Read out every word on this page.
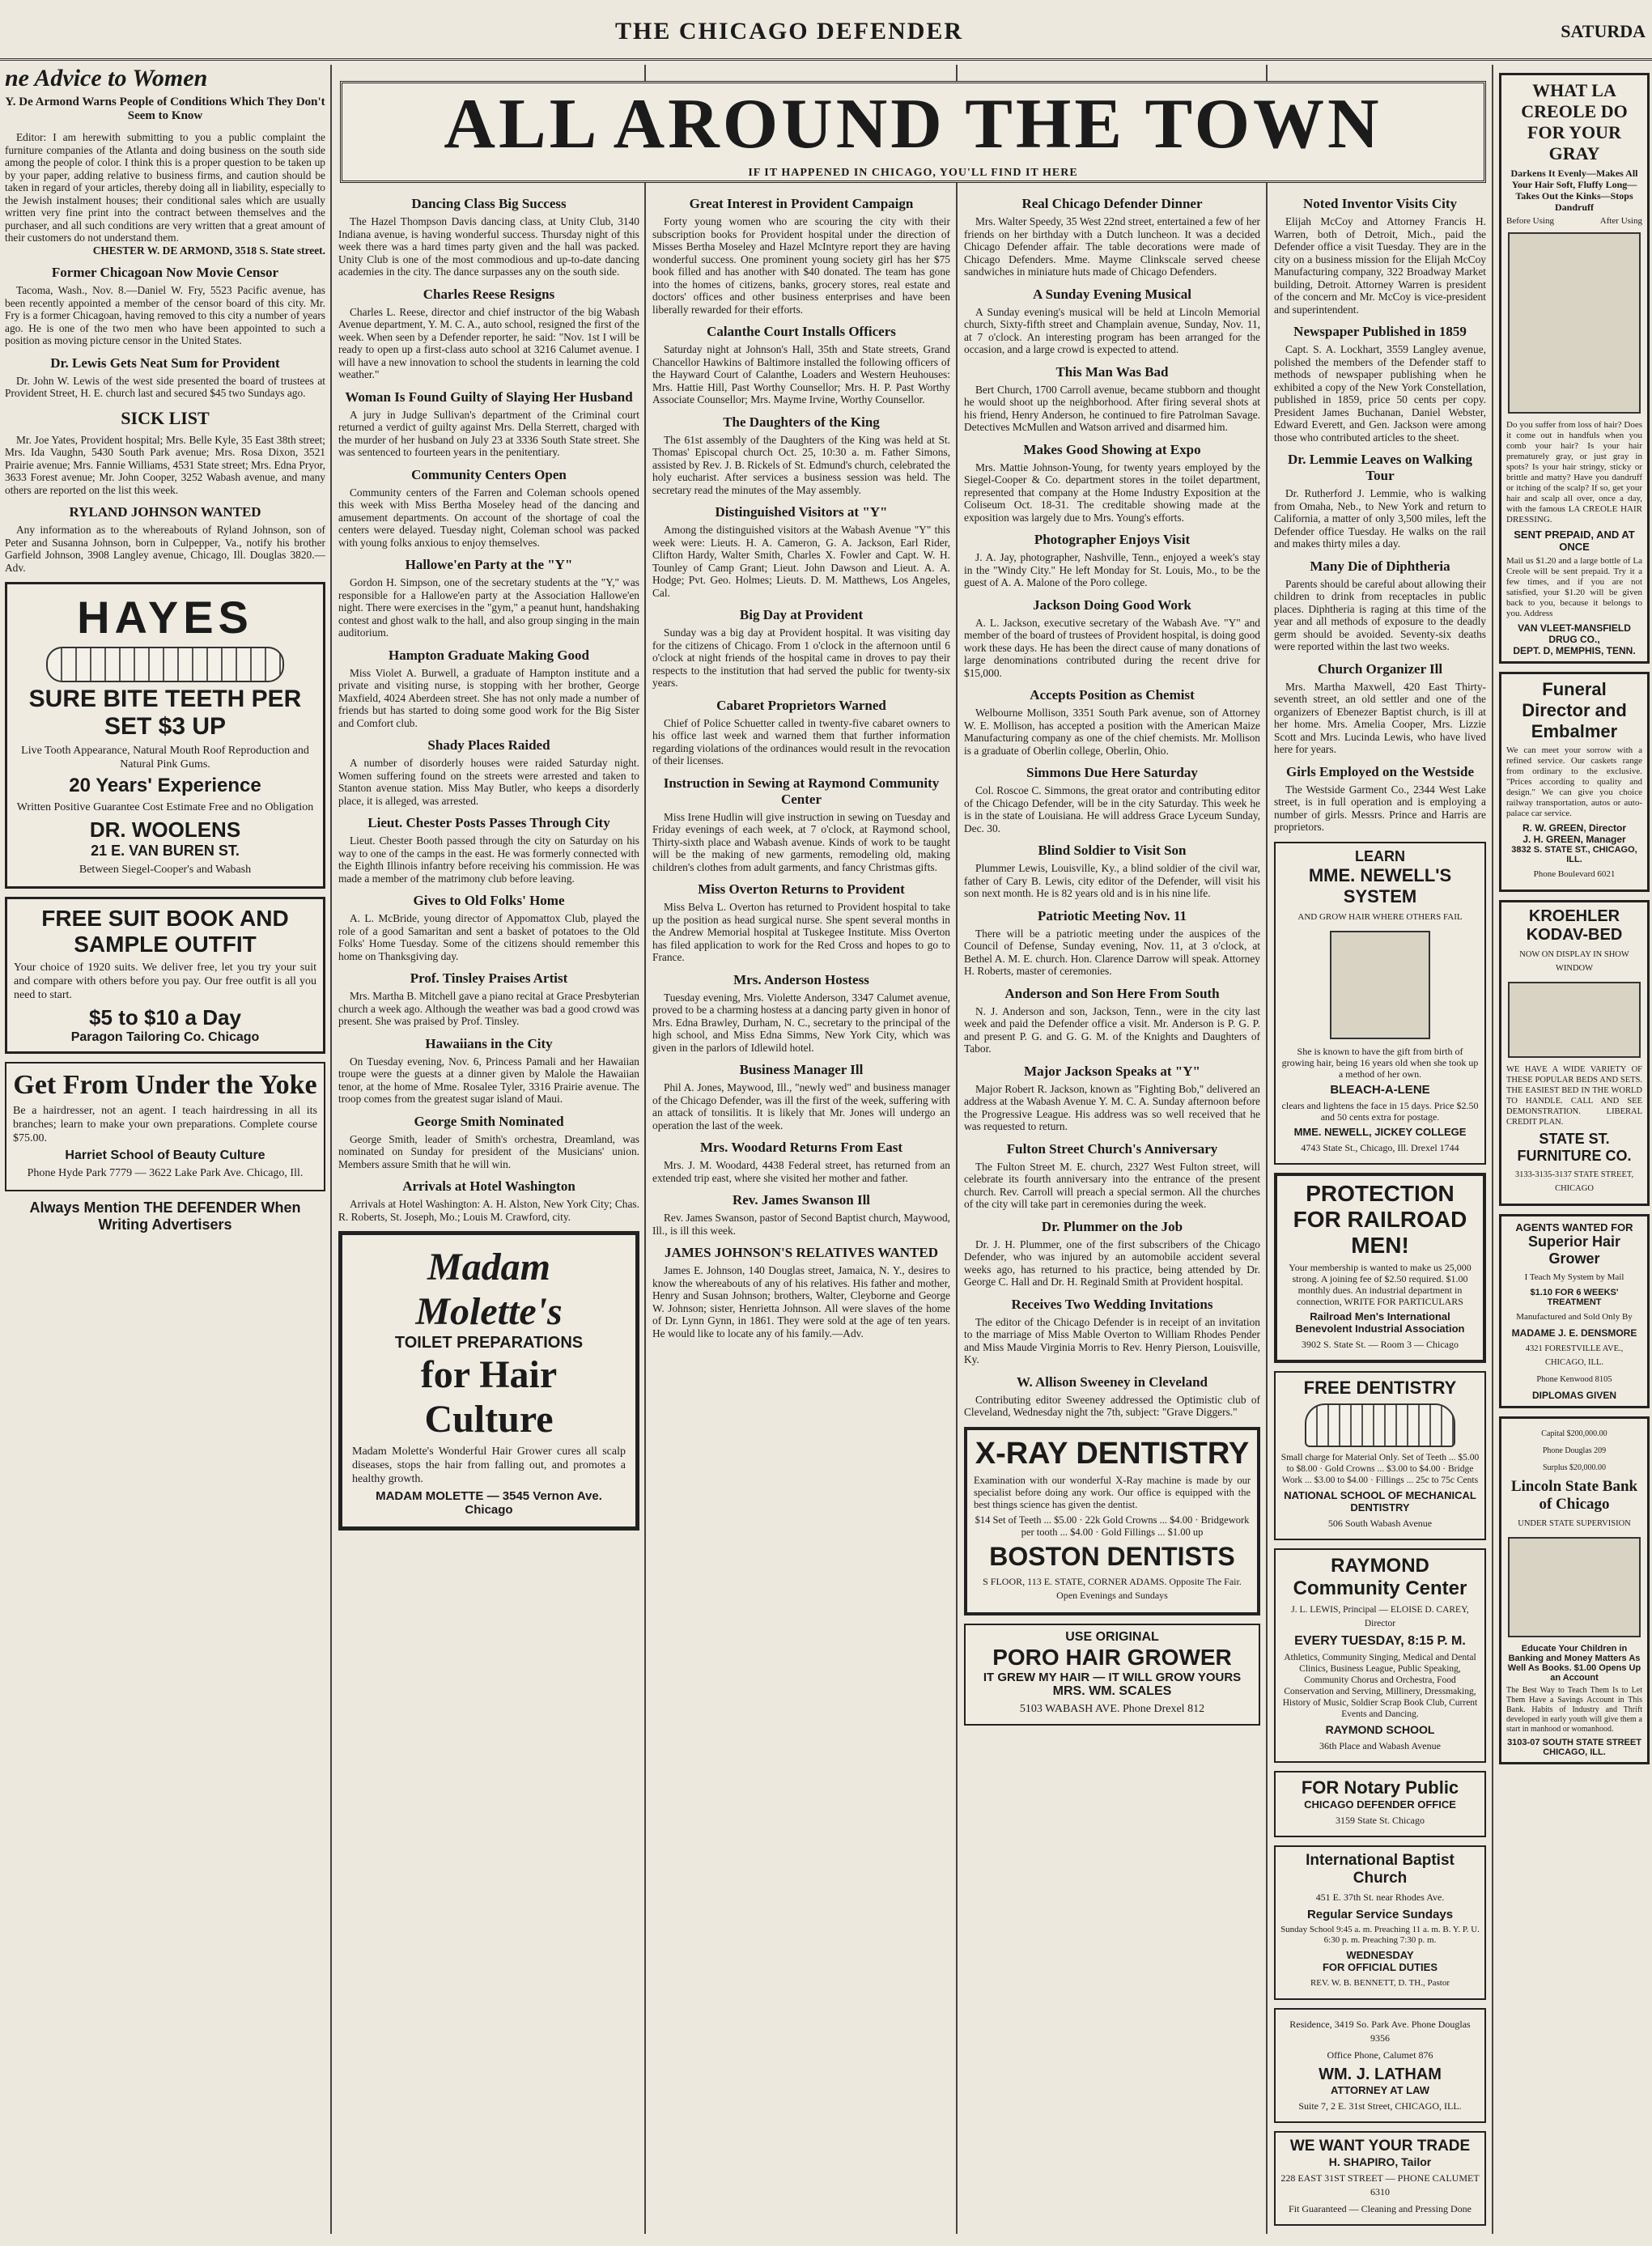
THE CHICAGO DEFENDER	SATURDA
ALL AROUND THE TOWN
IF IT HAPPENED IN CHICAGO, YOU'LL FIND IT HERE

ne Advice to Women

Y. De Armond Warns People of Conditions Which They Don't Seem to Know

Editor: I am herewith submitting to you a public complaint the furniture companies of the Atlanta and doing business on the south side among the people of color. I think this is a proper question to be taken up by your paper, adding relative to business firms, and caution should be taken in regard of your articles, thereby doing all in liability, especially to the Jewish instalment houses; their conditional sales which are usually written very fine print into the contract between themselves and the purchaser, and all such conditions are very written that a great amount of their customers do not understand them.

CHESTER W. DE ARMOND, 3518 S. State street.

Former Chicagoan Now Movie Censor

Tacoma, Wash., Nov. 8.—Daniel W. Fry, 5523 Pacific avenue, has been recently appointed a member of the censor board of this city. Mr. Fry is a former Chicagoan, having removed to this city a number of years ago. He is one of the two men who have been appointed to such a position as moving picture censor in the United States.

Dr. Lewis Gets Neat Sum for Provident

Dr. John W. Lewis of the west side presented the board of trustees at Provident Street, H. E. church last and secured $45 two Sundays ago.

SICK LIST

Mr. Joe Yates, Provident hospital; Mrs. Belle Kyle, 35 East 38th street; Mrs. Ida Vaughn, 5430 South Park avenue; Mrs. Rosa Dixon, 3521 Prairie avenue; Mrs. Fannie Williams, 4531 State street; Mrs. Edna Pryor, 3633 Forest avenue; Mr. John Cooper, 3252 Wabash avenue, and many others are reported on the list this week.

RYLAND JOHNSON WANTED

Any information as to the whereabouts of Ryland Johnson, son of Peter and Susanna Johnson, born in Culpepper, Va., notify his brother Garfield Johnson, 3908 Langley avenue, Chicago, Ill. Douglas 3820.—Adv.

HAYES
SURE BITE TEETH PER SET $3 UP
Live Tooth Appearance, Natural Mouth Roof Reproduction and Natural Pink Gums.
20 Years' Experience
Written Positive Guarantee Cost Estimate Free and no Obligation
DR. WOOLENS
21 E. VAN BUREN ST.
Between Siegel-Cooper's and Wabash
FREE SUIT BOOK AND SAMPLE OUTFIT
Your choice of 1920 suits. We deliver free, let you try your suit and compare with others before you pay. Our free outfit is all you need to start.
$5 to $10 a Day
Paragon Tailoring Co. Chicago
Get From Under the Yoke
Be a hairdresser, not an agent. I teach hairdressing in all its branches; learn to make your own preparations. Complete course $75.00.
Harriet School of Beauty Culture
Phone Hyde Park 7779 — 3622 Lake Park Ave. Chicago, Ill.
Always Mention THE DEFENDER When Writing Advertisers
Dancing Class Big Success

The Hazel Thompson Davis dancing class, at Unity Club, 3140 Indiana avenue, is having wonderful success. Thursday night of this week there was a hard times party given and the hall was packed. Unity Club is one of the most commodious and up-to-date dancing academies in the city. The dance surpasses any on the south side.

Charles Reese Resigns

Charles L. Reese, director and chief instructor of the big Wabash Avenue department, Y. M. C. A., auto school, resigned the first of the week. When seen by a Defender reporter, he said: "Nov. 1st I will be ready to open up a first-class auto school at 3216 Calumet avenue. I will have a new innovation to school the students in learning the cold weather."

Woman Is Found Guilty of Slaying Her Husband

A jury in Judge Sullivan's department of the Criminal court returned a verdict of guilty against Mrs. Della Sterrett, charged with the murder of her husband on July 23 at 3336 South State street. She was sentenced to fourteen years in the penitentiary.

Community Centers Open

Community centers of the Farren and Coleman schools opened this week with Miss Bertha Moseley head of the dancing and amusement departments. On account of the shortage of coal the centers were delayed. Tuesday night, Coleman school was packed with young folks anxious to enjoy themselves.

Hallowe'en Party at the "Y"

Gordon H. Simpson, one of the secretary students at the "Y," was responsible for a Hallowe'en party at the Association Hallowe'en night. There were exercises in the "gym," a peanut hunt, handshaking contest and ghost walk to the hall, and also group singing in the main auditorium.

Hampton Graduate Making Good

Miss Violet A. Burwell, a graduate of Hampton institute and a private and visiting nurse, is stopping with her brother, George Maxfield, 4024 Aberdeen street. She has not only made a number of friends but has started to doing some good work for the Big Sister and Comfort club.

Shady Places Raided

A number of disorderly houses were raided Saturday night. Women suffering found on the streets were arrested and taken to Stanton avenue station. Miss May Butler, who keeps a disorderly place, it is alleged, was arrested.

Lieut. Chester Posts Passes Through City

Lieut. Chester Booth passed through the city on Saturday on his way to one of the camps in the east. He was formerly connected with the Eighth Illinois infantry before receiving his commission. He was made a member of the matrimony club before leaving.

Gives to Old Folks' Home

A. L. McBride, young director of Appomattox Club, played the role of a good Samaritan and sent a basket of potatoes to the Old Folks' Home Tuesday. Some of the citizens should remember this home on Thanksgiving day.

Prof. Tinsley Praises Artist

Mrs. Martha B. Mitchell gave a piano recital at Grace Presbyterian church a week ago. Although the weather was bad a good crowd was present. She was praised by Prof. Tinsley.

Hawaiians in the City

On Tuesday evening, Nov. 6, Princess Pamali and her Hawaiian troupe were the guests at a dinner given by Malole the Hawaiian tenor, at the home of Mme. Rosalee Tyler, 3316 Prairie avenue. The troop comes from the greatest sugar island of Maui.

George Smith Nominated

George Smith, leader of Smith's orchestra, Dreamland, was nominated on Sunday for president of the Musicians' union. Members assure Smith that he will win.

Arrivals at Hotel Washington

Arrivals at Hotel Washington: A. H. Alston, New York City; Chas. R. Roberts, St. Joseph, Mo.; Louis M. Crawford, city.

Madam Molette's
TOILET PREPARATIONS
for Hair Culture
Madam Molette's Wonderful Hair Grower cures all scalp diseases, stops the hair from falling out, and promotes a healthy growth.
MADAM MOLETTE — 3545 Vernon Ave. Chicago
Great Interest in Provident Campaign

Forty young women who are scouring the city with their subscription books for Provident hospital under the direction of Misses Bertha Moseley and Hazel McIntyre report they are having wonderful success. One prominent young society girl has her $75 book filled and has another with $40 donated. The team has gone into the homes of citizens, banks, grocery stores, real estate and doctors' offices and other business enterprises and have been liberally rewarded for their efforts.

Calanthe Court Installs Officers

Saturday night at Johnson's Hall, 35th and State streets, Grand Chancellor Hawkins of Baltimore installed the following officers of the Hayward Court of Calanthe, Loaders and Western Heuhouses: Mrs. Hattie Hill, Past Worthy Counsellor; Mrs. H. P. Past Worthy Associate Counsellor; Mrs. Mayme Irvine, Worthy Counsellor.

The Daughters of the King

The 61st assembly of the Daughters of the King was held at St. Thomas' Episcopal church Oct. 25, 10:30 a. m. Father Simons, assisted by Rev. J. B. Rickels of St. Edmund's church, celebrated the holy eucharist. After services a business session was held. The secretary read the minutes of the May assembly.

Distinguished Visitors at "Y"

Among the distinguished visitors at the Wabash Avenue "Y" this week were: Lieuts. H. A. Cameron, G. A. Jackson, Earl Rider, Clifton Hardy, Walter Smith, Charles X. Fowler and Capt. W. H. Tounley of Camp Grant; Lieut. John Dawson and Lieut. A. A. Hodge; Pvt. Geo. Holmes; Lieuts. D. M. Matthews, Los Angeles, Cal.

Big Day at Provident

Sunday was a big day at Provident hospital. It was visiting day for the citizens of Chicago. From 1 o'clock in the afternoon until 6 o'clock at night friends of the hospital came in droves to pay their respects to the institution that had served the public for twenty-six years.

Cabaret Proprietors Warned

Chief of Police Schuetter called in twenty-five cabaret owners to his office last week and warned them that further information regarding violations of the ordinances would result in the revocation of their licenses.

Instruction in Sewing at Raymond Community Center

Miss Irene Hudlin will give instruction in sewing on Tuesday and Friday evenings of each week, at 7 o'clock, at Raymond school, Thirty-sixth place and Wabash avenue. Kinds of work to be taught will be the making of new garments, remodeling old, making children's clothes from adult garments, and fancy Christmas gifts.

Miss Overton Returns to Provident

Miss Belva L. Overton has returned to Provident hospital to take up the position as head surgical nurse. She spent several months in the Andrew Memorial hospital at Tuskegee Institute. Miss Overton has filed application to work for the Red Cross and hopes to go to France.

Mrs. Anderson Hostess

Tuesday evening, Mrs. Violette Anderson, 3347 Calumet avenue, proved to be a charming hostess at a dancing party given in honor of Mrs. Edna Brawley, Durham, N. C., secretary to the principal of the high school, and Miss Edna Simms, New York City, which was given in the parlors of Idlewild hotel.

Business Manager Ill

Phil A. Jones, Maywood, Ill., "newly wed" and business manager of the Chicago Defender, was ill the first of the week, suffering with an attack of tonsilitis. It is likely that Mr. Jones will undergo an operation the last of the week.

Mrs. Woodard Returns From East

Mrs. J. M. Woodard, 4438 Federal street, has returned from an extended trip east, where she visited her mother and father.

Rev. James Swanson Ill

Rev. James Swanson, pastor of Second Baptist church, Maywood, Ill., is ill this week.

JAMES JOHNSON'S RELATIVES WANTED

James E. Johnson, 140 Douglas street, Jamaica, N. Y., desires to know the whereabouts of any of his relatives. His father and mother, Henry and Susan Johnson; brothers, Walter, Cleyborne and George W. Johnson; sister, Henrietta Johnson. All were slaves of the home of Dr. Lynn Gynn, in 1861. They were sold at the age of ten years. He would like to locate any of his family.—Adv.

Real Chicago Defender Dinner

Mrs. Walter Speedy, 35 West 22nd street, entertained a few of her friends on her birthday with a Dutch luncheon. It was a decided Chicago Defender affair. The table decorations were made of Chicago Defenders. Mme. Mayme Clinkscale served cheese sandwiches in miniature huts made of Chicago Defenders.

A Sunday Evening Musical

A Sunday evening's musical will be held at Lincoln Memorial church, Sixty-fifth street and Champlain avenue, Sunday, Nov. 11, at 7 o'clock. An interesting program has been arranged for the occasion, and a large crowd is expected to attend.

This Man Was Bad

Bert Church, 1700 Carroll avenue, became stubborn and thought he would shoot up the neighborhood. After firing several shots at his friend, Henry Anderson, he continued to fire Patrolman Savage. Detectives McMullen and Watson arrived and disarmed him.

Makes Good Showing at Expo

Mrs. Mattie Johnson-Young, for twenty years employed by the Siegel-Cooper & Co. department stores in the toilet department, represented that company at the Home Industry Exposition at the Coliseum Oct. 18-31. The creditable showing made at the exposition was largely due to Mrs. Young's efforts.

Photographer Enjoys Visit

J. A. Jay, photographer, Nashville, Tenn., enjoyed a week's stay in the "Windy City." He left Monday for St. Louis, Mo., to be the guest of A. A. Malone of the Poro college.

Jackson Doing Good Work

A. L. Jackson, executive secretary of the Wabash Ave. "Y" and member of the board of trustees of Provident hospital, is doing good work these days. He has been the direct cause of many donations of large denominations contributed during the recent drive for $15,000.

Accepts Position as Chemist

Welbourne Mollison, 3351 South Park avenue, son of Attorney W. E. Mollison, has accepted a position with the American Maize Manufacturing company as one of the chief chemists. Mr. Mollison is a graduate of Oberlin college, Oberlin, Ohio.

Simmons Due Here Saturday

Col. Roscoe C. Simmons, the great orator and contributing editor of the Chicago Defender, will be in the city Saturday. This week he is in the state of Louisiana. He will address Grace Lyceum Sunday, Dec. 30.

Blind Soldier to Visit Son

Plummer Lewis, Louisville, Ky., a blind soldier of the civil war, father of Cary B. Lewis, city editor of the Defender, will visit his son next month. He is 82 years old and is in his nine life.

Patriotic Meeting Nov. 11

There will be a patriotic meeting under the auspices of the Council of Defense, Sunday evening, Nov. 11, at 3 o'clock, at Bethel A. M. E. church. Hon. Clarence Darrow will speak. Attorney H. Roberts, master of ceremonies.

Anderson and Son Here From South

N. J. Anderson and son, Jackson, Tenn., were in the city last week and paid the Defender office a visit. Mr. Anderson is P. G. P. and present P. G. and G. G. M. of the Knights and Daughters of Tabor.

Major Jackson Speaks at "Y"

Major Robert R. Jackson, known as "Fighting Bob," delivered an address at the Wabash Avenue Y. M. C. A. Sunday afternoon before the Progressive League. His address was so well received that he was requested to return.

Fulton Street Church's Anniversary

The Fulton Street M. E. church, 2327 West Fulton street, will celebrate its fourth anniversary into the entrance of the present church. Rev. Carroll will preach a special sermon. All the churches of the city will take part in ceremonies during the week.

Dr. Plummer on the Job

Dr. J. H. Plummer, one of the first subscribers of the Chicago Defender, who was injured by an automobile accident several weeks ago, has returned to his practice, being attended by Dr. George C. Hall and Dr. H. Reginald Smith at Provident hospital.

Receives Two Wedding Invitations

The editor of the Chicago Defender is in receipt of an invitation to the marriage of Miss Mable Overton to William Rhodes Pender and Miss Maude Virginia Morris to Rev. Henry Pierson, Louisville, Ky.

W. Allison Sweeney in Cleveland

Contributing editor Sweeney addressed the Optimistic club of Cleveland, Wednesday night the 7th, subject: "Grave Diggers."

X-RAY DENTISTRY
Examination with our wonderful X-Ray machine is made by our specialist before doing any work. Our office is equipped with the best things science has given the dentist.
$14 Set of Teeth ... $5.00 · 22k Gold Crowns ... $4.00 · Bridgework per tooth ... $4.00 · Gold Fillings ... $1.00 up
BOSTON DENTISTS
S FLOOR, 113 E. STATE, CORNER ADAMS. Opposite The Fair. Open Evenings and Sundays
USE ORIGINAL
PORO HAIR GROWER
IT GREW MY HAIR — IT WILL GROW YOURS
MRS. WM. SCALES
5103 WABASH AVE. Phone Drexel 812
Noted Inventor Visits City

Elijah McCoy and Attorney Francis H. Warren, both of Detroit, Mich., paid the Defender office a visit Tuesday. They are in the city on a business mission for the Elijah McCoy Manufacturing company, 322 Broadway Market building, Detroit. Attorney Warren is president of the concern and Mr. McCoy is vice-president and superintendent.

Newspaper Published in 1859

Capt. S. A. Lockhart, 3559 Langley avenue, polished the members of the Defender staff to methods of newspaper publishing when he exhibited a copy of the New York Constellation, published in 1859, price 50 cents per copy. President James Buchanan, Daniel Webster, Edward Everett, and Gen. Jackson were among those who contributed articles to the sheet.

Dr. Lemmie Leaves on Walking Tour

Dr. Rutherford J. Lemmie, who is walking from Omaha, Neb., to New York and return to California, a matter of only 3,500 miles, left the Defender office Tuesday. He walks on the rail and makes thirty miles a day.

Many Die of Diphtheria

Parents should be careful about allowing their children to drink from receptacles in public places. Diphtheria is raging at this time of the year and all methods of exposure to the deadly germ should be avoided. Seventy-six deaths were reported within the last two weeks.

Church Organizer Ill

Mrs. Martha Maxwell, 420 East Thirty-seventh street, an old settler and one of the organizers of Ebenezer Baptist church, is ill at her home. Mrs. Amelia Cooper, Mrs. Lizzie Scott and Mrs. Lucinda Lewis, who have lived here for years.

Girls Employed on the Westside

The Westside Garment Co., 2344 West Lake street, is in full operation and is employing a number of girls. Messrs. Prince and Harris are proprietors.

LEARN
MME. NEWELL'S SYSTEM
AND GROW HAIR WHERE OTHERS FAIL
She is known to have the gift from birth of growing hair, being 16 years old when she took up a method of her own.
BLEACH-A-LENE
clears and lightens the face in 15 days. Price $2.50 and 50 cents extra for postage.
MME. NEWELL, JICKEY COLLEGE
4743 State St., Chicago, Ill. Drexel 1744
PROTECTION FOR RAILROAD MEN!
Your membership is wanted to make us 25,000 strong. A joining fee of $2.50 required. $1.00 monthly dues. An industrial department in connection, WRITE FOR PARTICULARS
Railroad Men's International Benevolent Industrial Association
3902 S. State St. — Room 3 — Chicago
FREE DENTISTRY
Small charge for Material Only. Set of Teeth ... $5.00 to $8.00 · Gold Crowns ... $3.00 to $4.00 · Bridge Work ... $3.00 to $4.00 · Fillings ... 25c to 75c Cents
NATIONAL SCHOOL OF MECHANICAL DENTISTRY
506 South Wabash Avenue
RAYMOND Community Center
J. L. LEWIS, Principal — ELOISE D. CAREY, Director
EVERY TUESDAY, 8:15 P. M.
Athletics, Community Singing, Medical and Dental Clinics, Business League, Public Speaking, Community Chorus and Orchestra, Food Conservation and Serving, Millinery, Dressmaking, History of Music, Soldier Scrap Book Club, Current Events and Dancing.
RAYMOND SCHOOL
36th Place and Wabash Avenue
FOR Notary Public
CHICAGO DEFENDER OFFICE
3159 State St. Chicago
International Baptist Church
451 E. 37th St. near Rhodes Ave.
Regular Service Sundays
Sunday School 9:45 a. m. Preaching 11 a. m. B. Y. P. U. 6:30 p. m. Preaching 7:30 p. m.
WEDNESDAY
FOR OFFICIAL DUTIES
REV. W. B. BENNETT, D. TH., Pastor
Residence, 3419 So. Park Ave. Phone Douglas 9356
Office Phone, Calumet 876
WM. J. LATHAM
ATTORNEY AT LAW
Suite 7, 2 E. 31st Street, CHICAGO, ILL.
WE WANT YOUR TRADE
H. SHAPIRO, Tailor
228 EAST 31ST STREET — PHONE CALUMET 6310
Fit Guaranteed — Cleaning and Pressing Done
WHAT LA CREOLE DO FOR YOUR GRAY
Darkens It Evenly—Makes All Your Hair Soft, Fluffy Long—Takes Out the Kinks—Stops Dandruff
Before Using	After Using
Do you suffer from loss of hair? Does it come out in handfuls when you comb your hair? Is your hair prematurely gray, or just gray in spots? Is your hair stringy, sticky or brittle and matty? Have you dandruff or itching of the scalp? If so, get your hair and scalp all over, once a day, with the famous LA CREOLE HAIR DRESSING.
SENT PREPAID, AND AT ONCE
Mail us $1.20 and a large bottle of La Creole will be sent prepaid. Try it a few times, and if you are not satisfied, your $1.20 will be given back to you, because it belongs to you. Address
VAN VLEET-MANSFIELD DRUG CO.,
DEPT. D, MEMPHIS, TENN.
Funeral Director and Embalmer
We can meet your sorrow with a refined service. Our caskets range from ordinary to the exclusive. "Prices according to quality and design." We can give you choice railway transportation, autos or auto-palace car service.
R. W. GREEN, Director
J. H. GREEN, Manager
3832 S. STATE ST., CHICAGO, ILL.
Phone Boulevard 6021
KROEHLER KODAV-BED
NOW ON DISPLAY IN SHOW WINDOW
WE HAVE A WIDE VARIETY OF THESE POPULAR BEDS AND SETS. THE EASIEST BED IN THE WORLD TO HANDLE. CALL AND SEE DEMONSTRATION. LIBERAL CREDIT PLAN.
STATE ST. FURNITURE CO.
3133-3135-3137 STATE STREET, CHICAGO
AGENTS WANTED FOR
Superior Hair Grower
I Teach My System by Mail
$1.10 FOR 6 WEEKS' TREATMENT
Manufactured and Sold Only By
MADAME J. E. DENSMORE
4321 FORESTVILLE AVE., CHICAGO, ILL.
Phone Kenwood 8105
DIPLOMAS GIVEN
Capital $200,000.00
Phone Douglas 209
Surplus $20,000.00
Lincoln State Bank of Chicago
UNDER STATE SUPERVISION
Educate Your Children in Banking and Money Matters As Well As Books. $1.00 Opens Up an Account
The Best Way to Teach Them Is to Let Them Have a Savings Account in This Bank. Habits of Industry and Thrift developed in early youth will give them a start in manhood or womanhood.
3103-07 SOUTH STATE STREET
CHICAGO, ILL.
